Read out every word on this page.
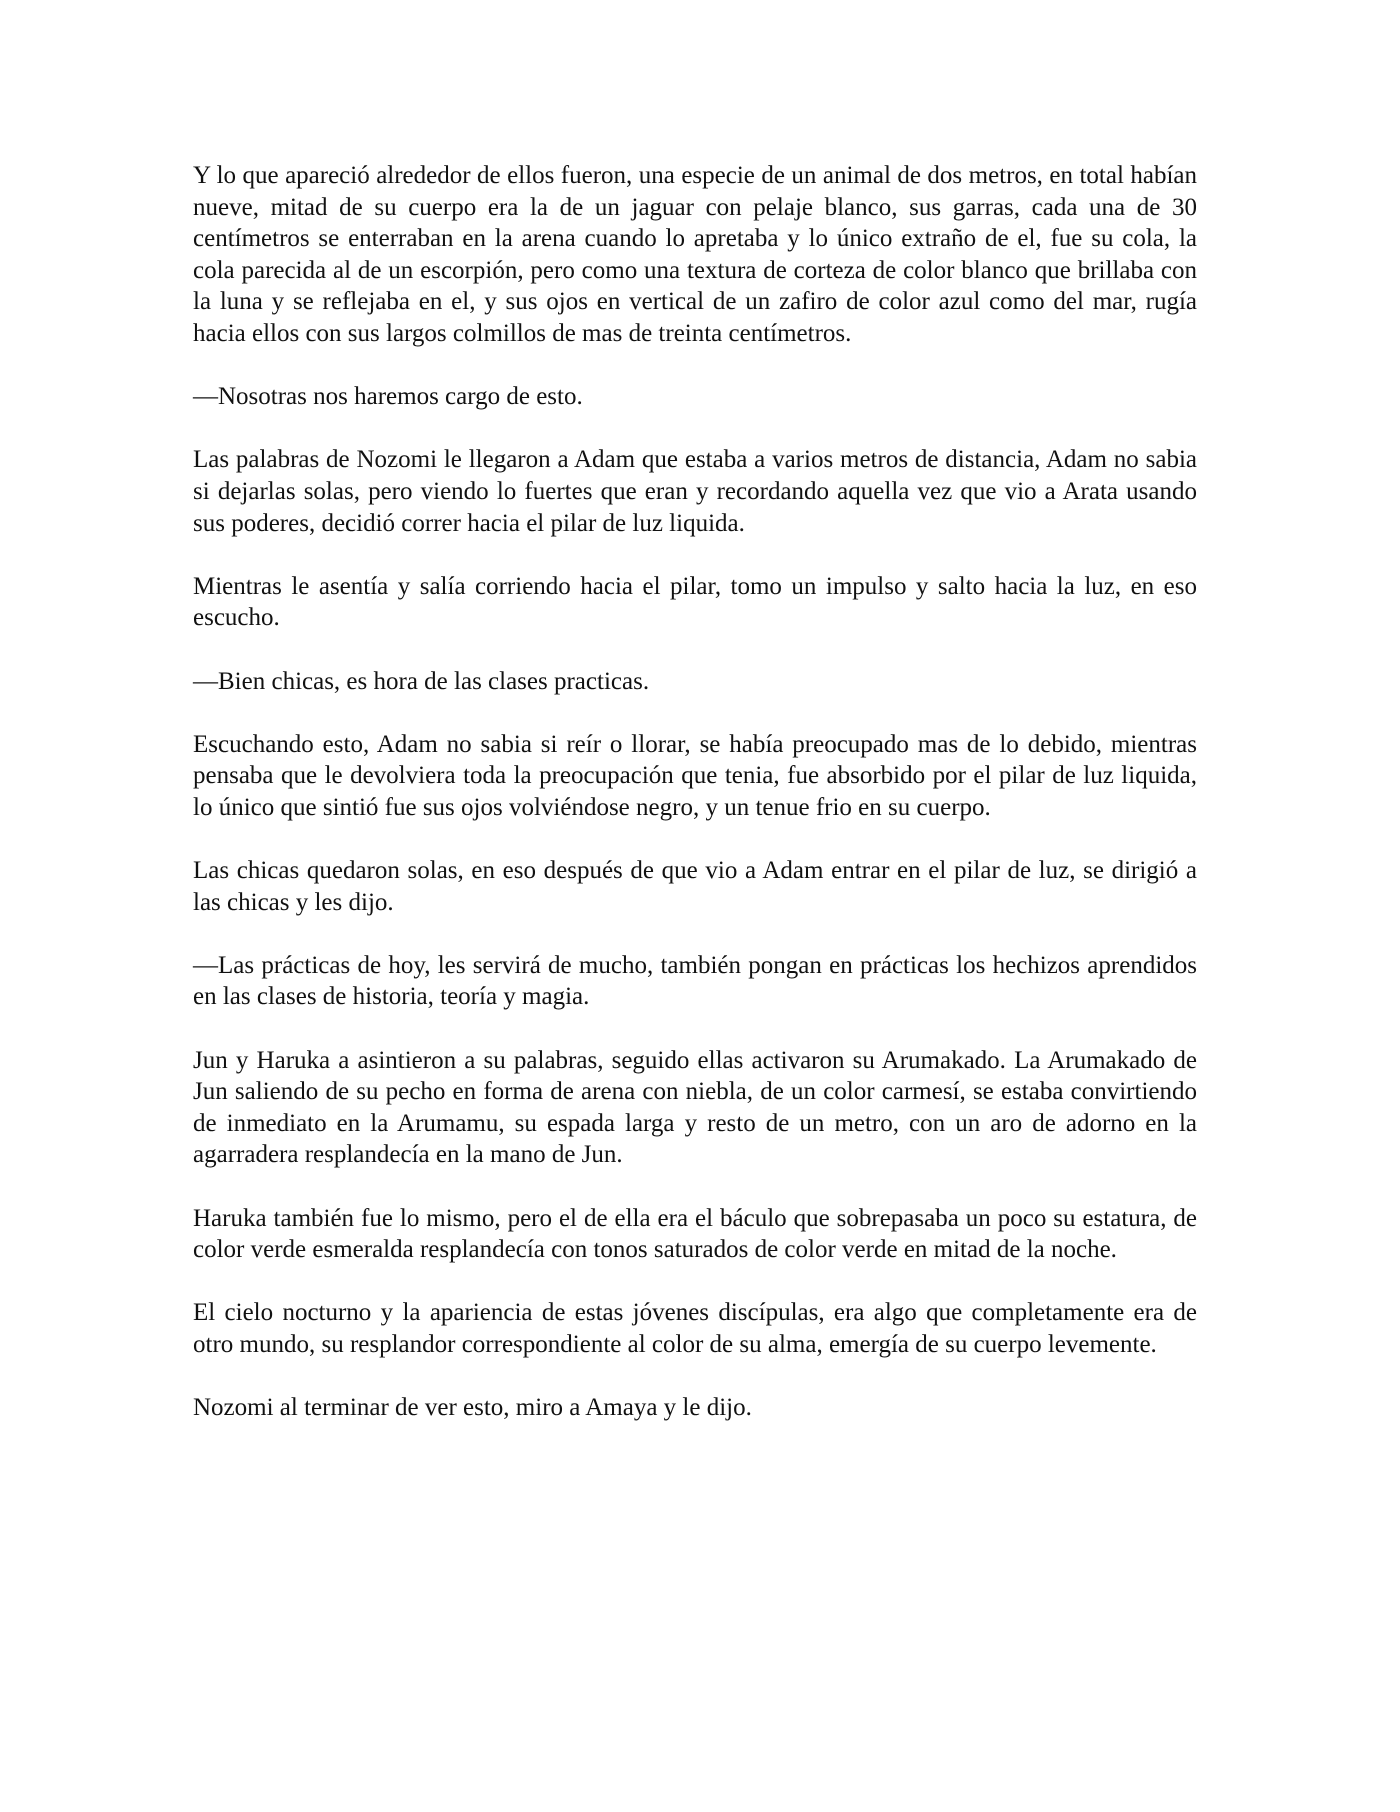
Y lo que apareció alrededor de ellos fueron, una especie de un animal de dos metros, en total habían nueve, mitad de su cuerpo era la de un jaguar con pelaje blanco, sus garras, cada una de 30 centímetros se enterraban en la arena cuando lo apretaba y lo único extraño de el, fue su cola, la cola parecida al de un escorpión, pero como una textura de corteza de color blanco que brillaba con la luna y se reflejaba en el, y sus ojos en vertical de un zafiro de color azul como del mar, rugía hacia ellos con sus largos colmillos de mas de treinta centímetros.

—Nosotras nos haremos cargo de esto.

Las palabras de Nozomi le llegaron a Adam que estaba a varios metros de distancia, Adam no sabia si dejarlas solas, pero viendo lo fuertes que eran y recordando aquella vez que vio a Arata usando sus poderes, decidió correr hacia el pilar de luz liquida.

Mientras le asentía y salía corriendo hacia el pilar, tomo un impulso y salto hacia la luz, en eso escucho.

—Bien chicas, es hora de las clases practicas.

Escuchando esto, Adam no sabia si reír o llorar, se había preocupado mas de lo debido, mientras pensaba que le devolviera toda la preocupación que tenia, fue absorbido por el pilar de luz liquida, lo único que sintió fue sus ojos volviéndose negro, y un tenue frio en su cuerpo.

Las chicas quedaron solas, en eso después de que vio a Adam entrar en el pilar de luz, se dirigió a las chicas y les dijo.

—Las prácticas de hoy, les servirá de mucho, también pongan en prácticas los hechizos aprendidos en las clases de historia, teoría y magia.

Jun y Haruka a asintieron a su palabras, seguido ellas activaron su Arumakado. La Arumakado de Jun saliendo de su pecho en forma de arena con niebla, de un color carmesí, se estaba convirtiendo de inmediato en la Arumamu, su espada larga y resto de un metro, con un aro de adorno en la agarradera resplandecía en la mano de Jun.

Haruka también fue lo mismo, pero el de ella era el báculo que sobrepasaba un poco su estatura, de color verde esmeralda resplandecía con tonos saturados de color verde en mitad de la noche.

El cielo nocturno y la apariencia de estas jóvenes discípulas, era algo que completamente era de otro mundo, su resplandor correspondiente al color de su alma, emergía de su cuerpo levemente.

Nozomi al terminar de ver esto, miro a Amaya y le dijo.
